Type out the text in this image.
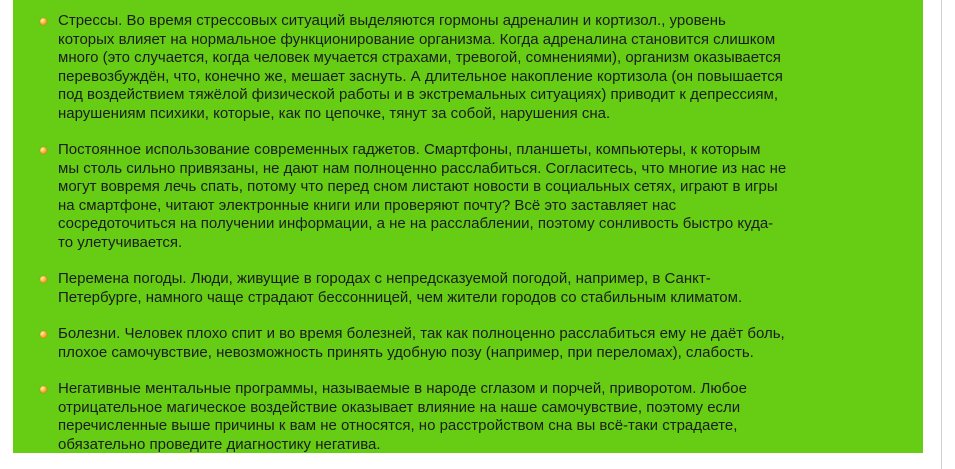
Стрессы. Во время стрессовых ситуаций выделяются гормоны адреналин и кортизол., уровень
которых влияет на нормальное функционирование организма. Когда адреналина становится слишком
много (это случается, когда человек мучается страхами, тревогой, сомнениями), организм оказывается
перевозбуждён, что, конечно же, мешает заснуть. А длительное накопление кортизола (он повышается
под воздействием тяжёлой физической работы и в экстремальных ситуациях) приводит к депрессиям,
нарушениям психики, которые, как по цепочке, тянут за собой, нарушения сна.

Постоянное использование современных гаджетов. Смартфоны, планшеты, компьютеры, к которым
мы столь сильно привязаны, не дают нам полноценно расслабиться. Согласитесь, что многие из нас не
могут вовремя лечь спать, потому что перед сном листают новости в социальных сетях, играют в игры
на смартфоне, читают электронные книги или проверяют почту? Всё это заставляет нас
сосредоточиться на получении информации, а не на расслаблении, поэтому сонливость быстро куда-
то улетучивается.

Перемена погоды. Люди, живущие в городах с непредсказуемой погодой, например, в Санкт-
Петербурге, намного чаще страдают бессонницей, чем жители городов со стабильным климатом.

Болезни. Человек плохо спит и во время болезней, так как полноценно расслабиться ему не даёт боль,
плохое самочувствие, невозможность принять удобную позу (например, при переломах), слабость.

Негативные ментальные программы, называемые в народе сглазом и порчей, приворотом. Любое
отрицательное магическое воздействие оказывает влияние на наше самочувствие, поэтому если
перечисленные выше причины к вам не относятся, но расстройством сна вы всё-таки страдаете,
обязательно проведите диагностику негатива.
